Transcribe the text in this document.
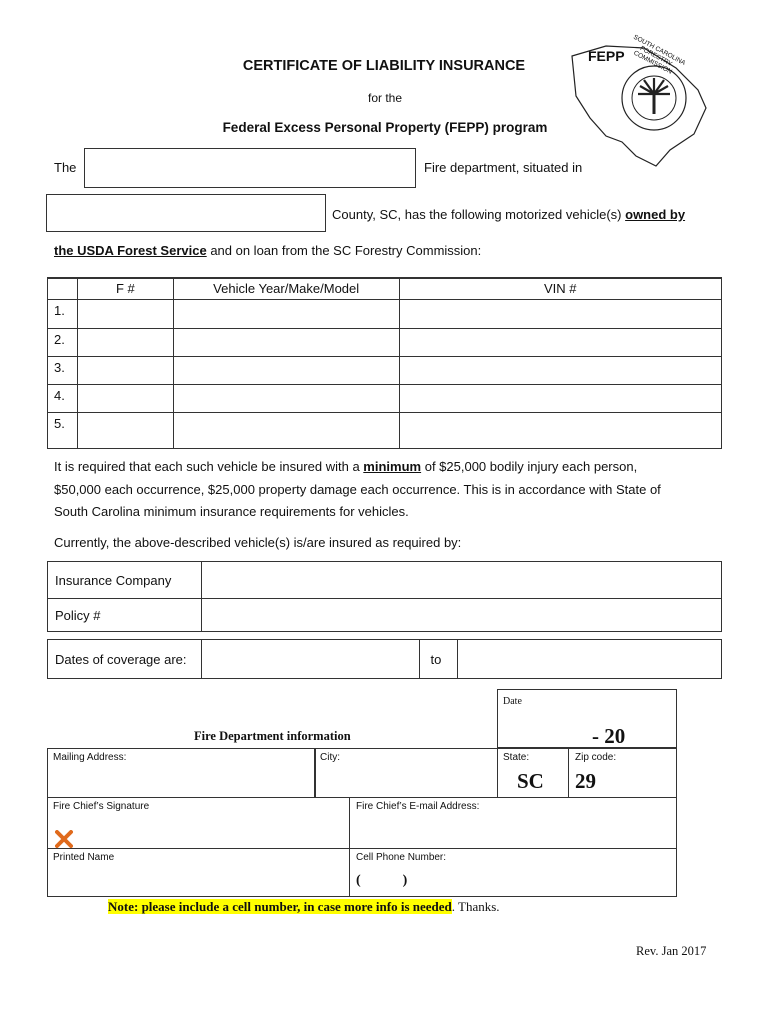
CERTIFICATE OF LIABILITY INSURANCE
for the
Federal Excess Personal Property (FEPP) program
FEPP	SOUTH CAROLINA FORESTRY COMMISSION
The	Fire department, situated in
County, SC, has the following motorized vehicle(s) owned by
the USDA Forest Service and on loan from the SC Forestry Commission:
	F #	Vehicle Year/Make/Model	VIN #
1.			
2.			
3.			
4.			
5.			
It is required that each such vehicle be insured with a minimum of $25,000 bodily injury each person,
$50,000 each occurrence, $25,000 property damage each occurrence. This is in accordance with State of
South Carolina minimum insurance requirements for vehicles.
Currently, the above-described vehicle(s) is/are insured as required by:
Insurance Company	
Policy #	
Dates of coverage are:		to	
Date
- 20
Fire Department information
Mailing Address:	City:	State:
SC
Zip code:
29
Fire Chief’s Signature	Fire Chief’s E-mail Address:
Printed Name	Cell Phone Number:
(            )
Note: please include a cell number, in case more info is needed. Thanks.
Rev. Jan 2017
